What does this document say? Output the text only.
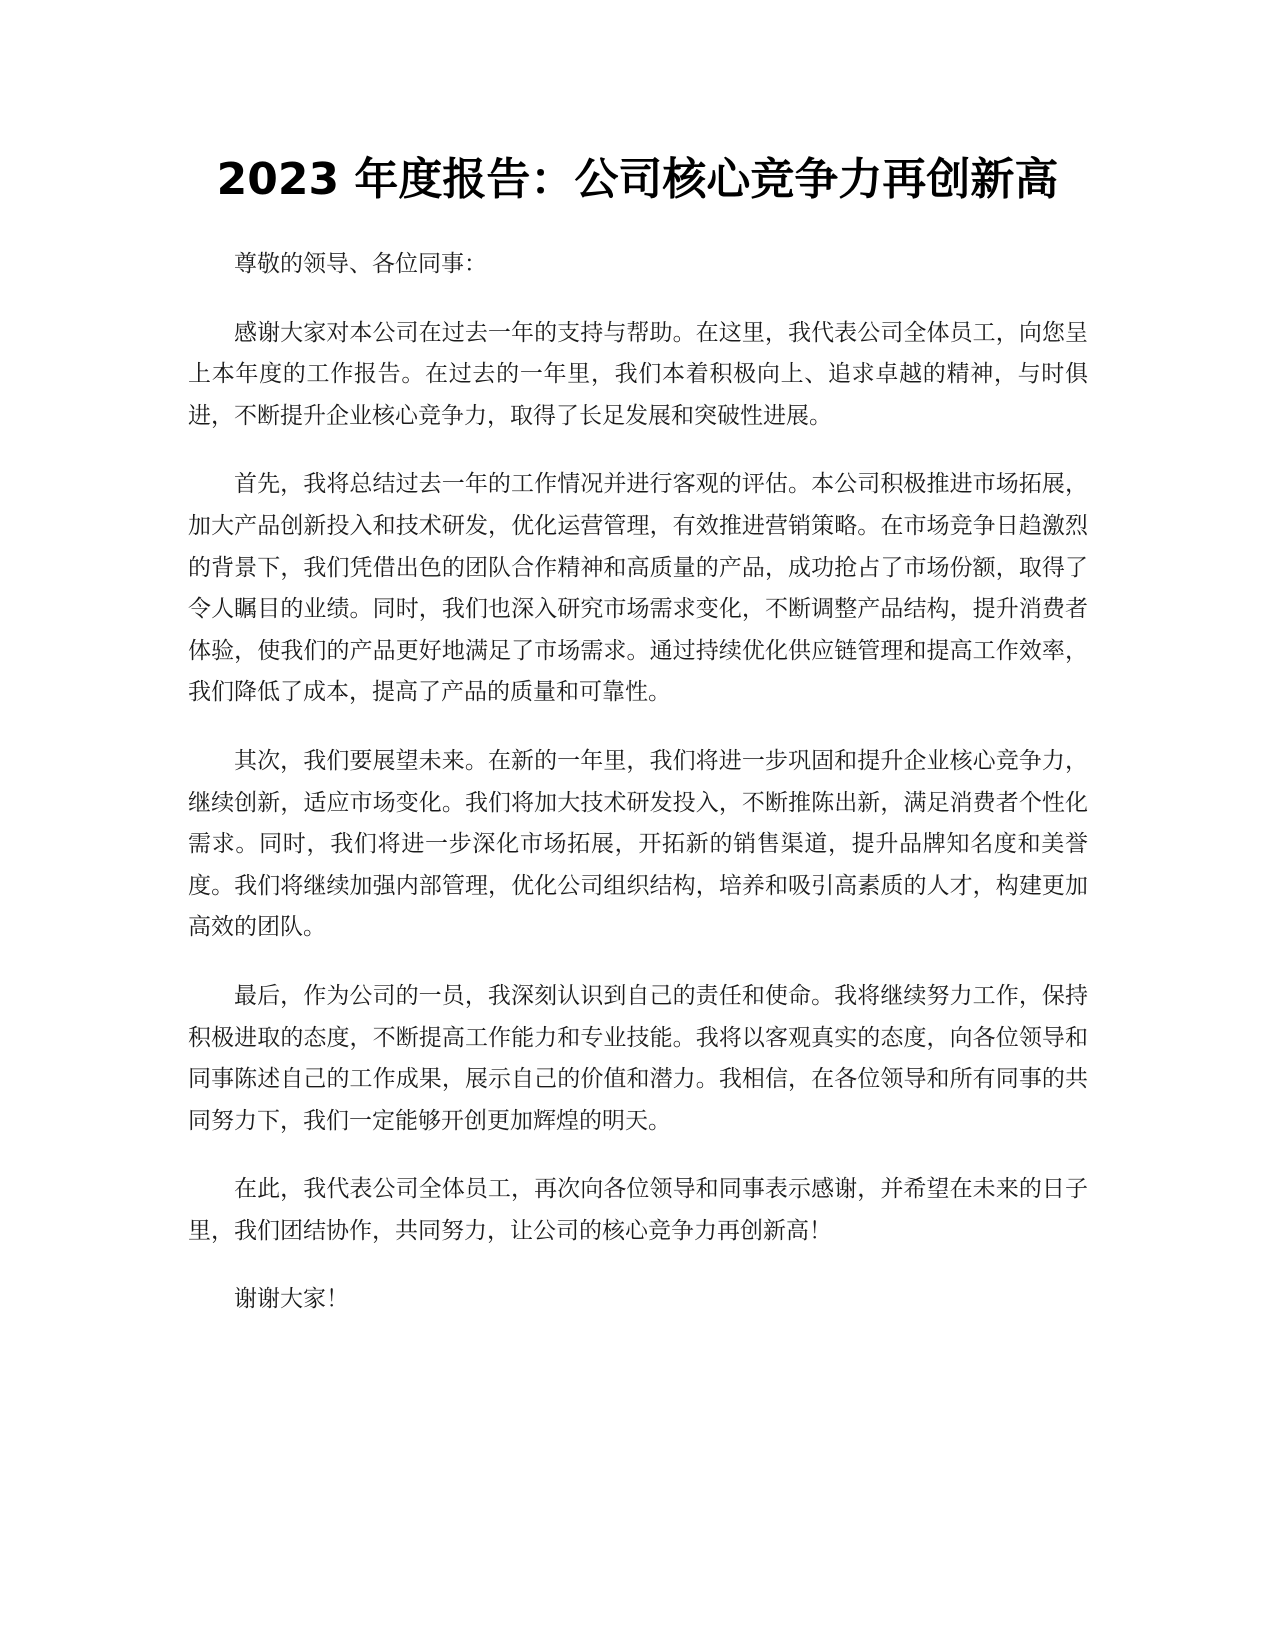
2023 年度报告：公司核心竞争力再创新高

尊敬的领导、各位同事：

感谢大家对本公司在过去一年的支持与帮助。在这里，我代表公司全体员工，向您呈上本年度的工作报告。在过去的一年里，我们本着积极向上、追求卓越的精神，与时俱进，不断提升企业核心竞争力，取得了长足发展和突破性进展。

首先，我将总结过去一年的工作情况并进行客观的评估。本公司积极推进市场拓展，加大产品创新投入和技术研发，优化运营管理，有效推进营销策略。在市场竞争日趋激烈的背景下，我们凭借出色的团队合作精神和高质量的产品，成功抢占了市场份额，取得了令人瞩目的业绩。同时，我们也深入研究市场需求变化，不断调整产品结构，提升消费者体验，使我们的产品更好地满足了市场需求。通过持续优化供应链管理和提高工作效率，我们降低了成本，提高了产品的质量和可靠性。

其次，我们要展望未来。在新的一年里，我们将进一步巩固和提升企业核心竞争力，继续创新，适应市场变化。我们将加大技术研发投入，不断推陈出新，满足消费者个性化需求。同时，我们将进一步深化市场拓展，开拓新的销售渠道，提升品牌知名度和美誉度。我们将继续加强内部管理，优化公司组织结构，培养和吸引高素质的人才，构建更加高效的团队。

最后，作为公司的一员，我深刻认识到自己的责任和使命。我将继续努力工作，保持积极进取的态度，不断提高工作能力和专业技能。我将以客观真实的态度，向各位领导和同事陈述自己的工作成果，展示自己的价值和潜力。我相信，在各位领导和所有同事的共同努力下，我们一定能够开创更加辉煌的明天。

在此，我代表公司全体员工，再次向各位领导和同事表示感谢，并希望在未来的日子里，我们团结协作，共同努力，让公司的核心竞争力再创新高！

谢谢大家！
